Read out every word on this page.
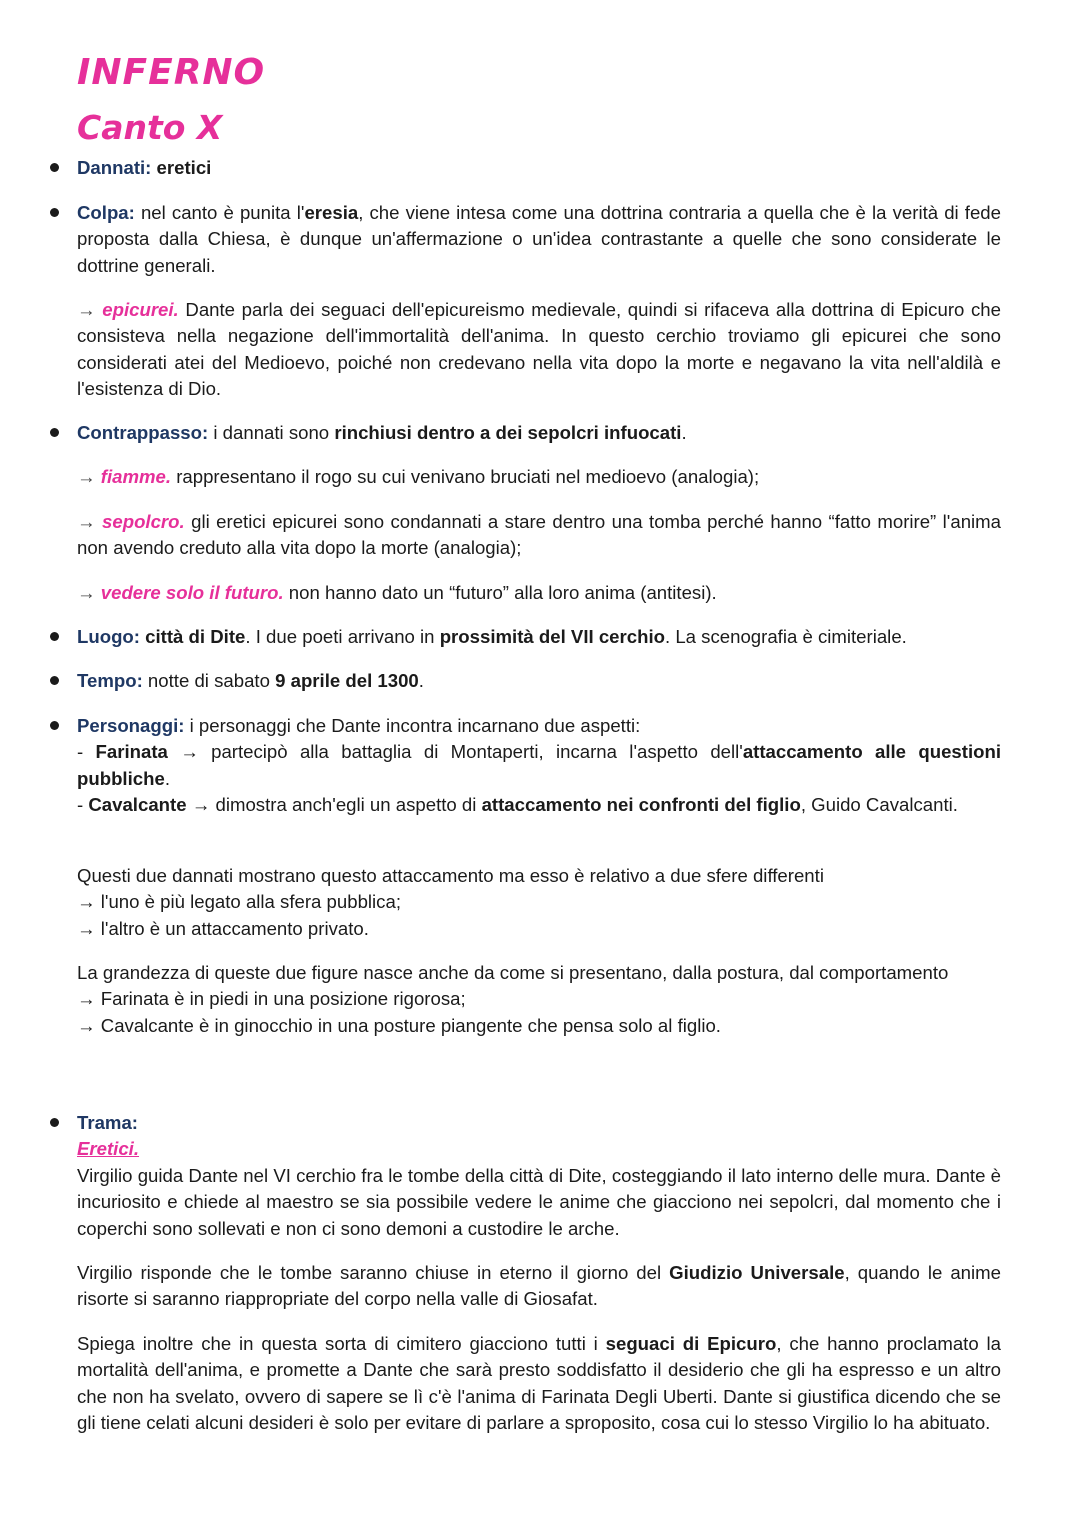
INFERNO
Canto X
Dannati: eretici
Colpa: nel canto è punita l'eresia, che viene intesa come una dottrina contraria a quella che è la verità di fede proposta dalla Chiesa, è dunque un'affermazione o un'idea contrastante a quelle che sono considerate le dottrine generali.
→ epicurei. Dante parla dei seguaci dell'epicureismo medievale, quindi si rifaceva alla dottrina di Epicuro che consisteva nella negazione dell'immortalità dell'anima. In questo cerchio troviamo gli epicurei che sono considerati atei del Medioevo, poiché non credevano nella vita dopo la morte e negavano la vita nell'aldilà e l'esistenza di Dio.
Contrappasso: i dannati sono rinchiusi dentro a dei sepolcri infuocati.
→ fiamme. rappresentano il rogo su cui venivano bruciati nel medioevo (analogia);
→ sepolcro. gli eretici epicurei sono condannati a stare dentro una tomba perché hanno “fatto morire” l'anima non avendo creduto alla vita dopo la morte (analogia);
→ vedere solo il futuro. non hanno dato un “futuro” alla loro anima (antitesi).
Luogo: città di Dite. I due poeti arrivano in prossimità del VII cerchio. La scenografia è cimiteriale.
Tempo: notte di sabato 9 aprile del 1300.
Personaggi: i personaggi che Dante incontra incarnano due aspetti:
- Farinata → partecipò alla battaglia di Montaperti, incarna l'aspetto dell'attaccamento alle questioni pubbliche.
- Cavalcante → dimostra anch'egli un aspetto di attaccamento nei confronti del figlio, Guido Cavalcanti.
Questi due dannati mostrano questo attaccamento ma esso è relativo a due sfere differenti
→ l'uno è più legato alla sfera pubblica;
→ l'altro è un attaccamento privato.
La grandezza di queste due figure nasce anche da come si presentano, dalla postura, dal comportamento
→ Farinata è in piedi in una posizione rigorosa;
→ Cavalcante è in ginocchio in una posture piangente che pensa solo al figlio.
Trama:
Eretici.
Virgilio guida Dante nel VI cerchio fra le tombe della città di Dite, costeggiando il lato interno delle mura. Dante è incuriosito e chiede al maestro se sia possibile vedere le anime che giacciono nei sepolcri, dal momento che i coperchi sono sollevati e non ci sono demoni a custodire le arche.
Virgilio risponde che le tombe saranno chiuse in eterno il giorno del Giudizio Universale, quando le anime risorte si saranno riappropriate del corpo nella valle di Giosafat.
Spiega inoltre che in questa sorta di cimitero giacciono tutti i seguaci di Epicuro, che hanno proclamato la mortalità dell'anima, e promette a Dante che sarà presto soddisfatto il desiderio che gli ha espresso e un altro che non ha svelato, ovvero di sapere se lì c'è l'anima di Farinata Degli Uberti. Dante si giustifica dicendo che se gli tiene celati alcuni desideri è solo per evitare di parlare a sproposito, cosa cui lo stesso Virgilio lo ha abituato.
